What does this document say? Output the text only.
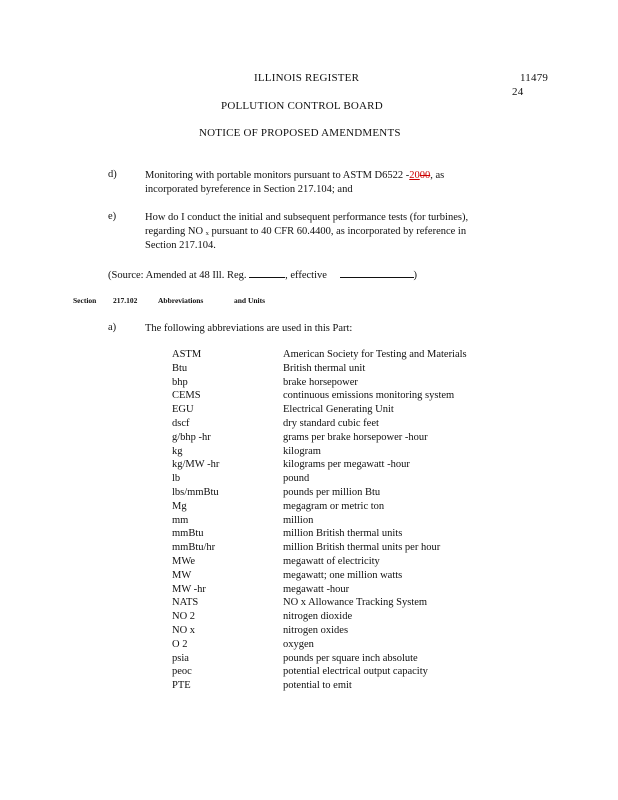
ILLINOIS REGISTER	11479
24
POLLUTION CONTROL BOARD
NOTICE OF PROPOSED AMENDMENTS
d)	Monitoring with portable monitors pursuant to ASTM D6522 -2000, as
incorporated byreference in Section 217.104; and
e)	How do I conduct the initial and subsequent performance tests (for turbines),
regarding NO $_x$ pursuant to 40 CFR 60.4400, as incorporated by reference in
Section 217.104.
(Source: Amended at 48 Ill. Reg.	, effective	)
Section 217.102	Abbreviations	and Units
a)	The following abbreviations are used in this Part:
ASTM	American Society for Testing and Materials
Btu	British thermal unit
bhp	brake horsepower
CEMS	continuous emissions monitoring system
EGU	Electrical Generating Unit
dscf	dry standard cubic feet
g/bhp -hr	grams per brake horsepower -hour
kg	kilogram
kg/MW -hr	kilograms per megawatt -hour
lb	pound
lbs/mmBtu	pounds per million Btu
Mg	megagram or metric ton
mm	million
mmBtu	million British thermal units
mmBtu/hr	million British thermal units per hour
MWe	megawatt of electricity
MW	megawatt; one million watts
MW -hr	megawatt -hour
NATS	NO x Allowance Tracking System
NO 2	nitrogen dioxide
NO x	nitrogen oxides
O 2	oxygen
psia	pounds per square inch absolute
peoc	potential electrical output capacity
PTE	potential to emit
